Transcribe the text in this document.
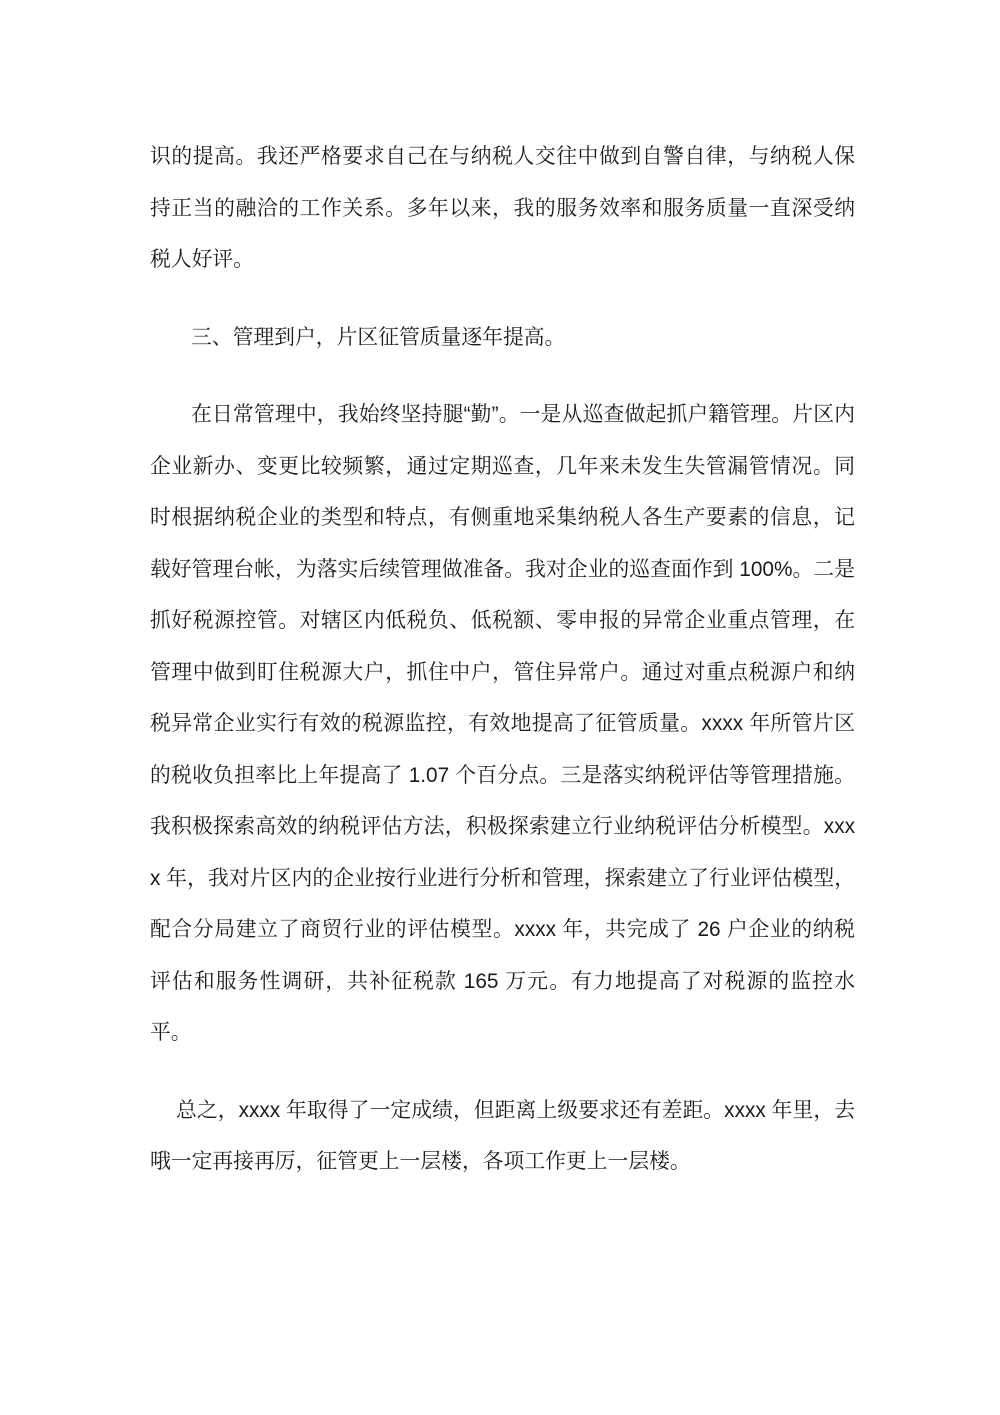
识的提高。我还严格要求自己在与纳税人交往中做到自警自律，与纳税人保持正当的融洽的工作关系。多年以来，我的服务效率和服务质量一直深受纳税人好评。

三、管理到户，片区征管质量逐年提高。

在日常管理中，我始终坚持腿“勤”。一是从巡查做起抓户籍管理。片区内企业新办、变更比较频繁，通过定期巡查，几年来未发生失管漏管情况。同时根据纳税企业的类型和特点，有侧重地采集纳税人各生产要素的信息，记载好管理台帐，为落实后续管理做准备。我对企业的巡查面作到 100%。二是抓好税源控管。对辖区内低税负、低税额、零申报的异常企业重点管理，在管理中做到盯住税源大户，抓住中户，管住异常户。通过对重点税源户和纳税异常企业实行有效的税源监控，有效地提高了征管质量。xxxx 年所管片区的税收负担率比上年提高了 1.07 个百分点。三是落实纳税评估等管理措施。我积极探索高效的纳税评估方法，积极探索建立行业纳税评估分析模型。xxxx 年，我对片区内的企业按行业进行分析和管理，探索建立了行业评估模型，配合分局建立了商贸行业的评估模型。xxxx 年，共完成了 26 户企业的纳税评估和服务性调研，共补征税款 165 万元。有力地提高了对税源的监控水平。

总之，xxxx 年取得了一定成绩，但距离上级要求还有差距。xxxx 年里，去哦一定再接再厉，征管更上一层楼，各项工作更上一层楼。
